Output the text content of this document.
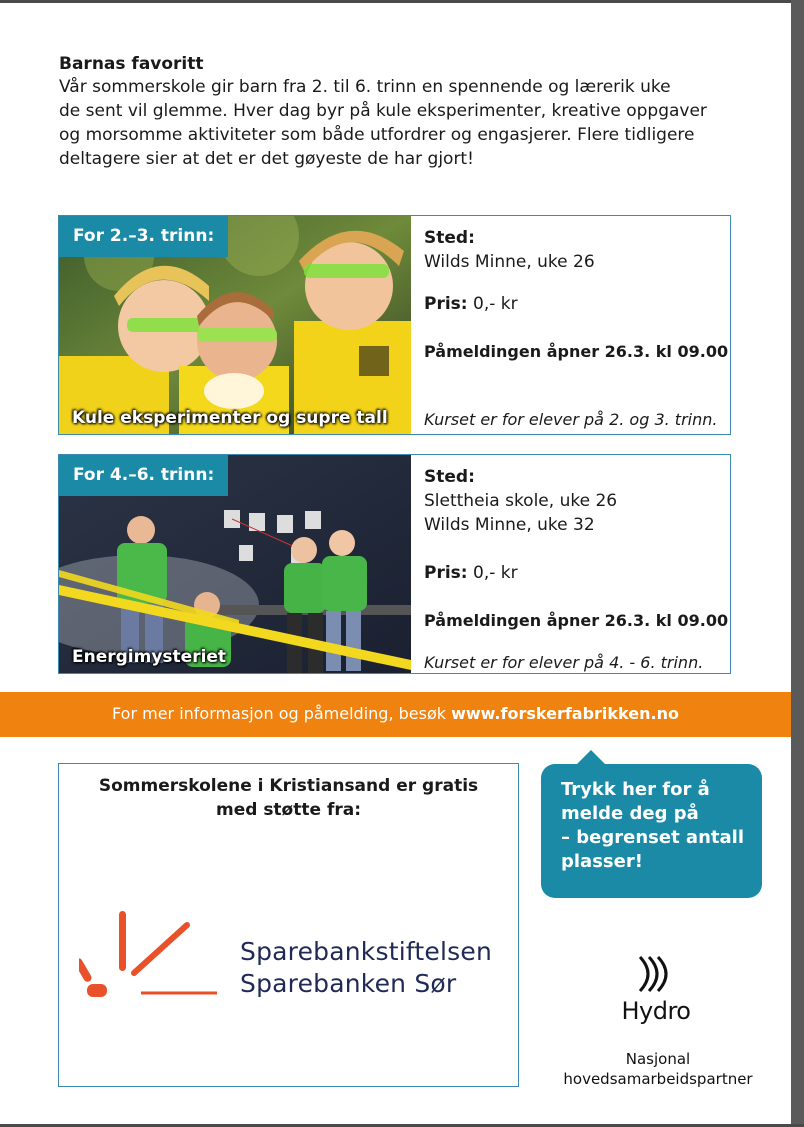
Barnas favoritt

Vår sommerskole gir barn fra 2. til 6. trinn en spennende og lærerik uke
de sent vil glemme. Hver dag byr på kule eksperimenter, kreative oppgaver
og morsomme aktiviteter som både utfordrer og engasjerer. Flere tidligere
deltagere sier at det er det gøyeste de har gjort!

For 2.–3. trinn:
Kule eksperimenter og supre tall
Sted:
Wilds Minne, uke 26
Pris: 0,- kr
Påmeldingen åpner 26.3. kl 09.00
Kurset er for elever på 2. og 3. trinn.
For 4.–6. trinn:
Energimysteriet
Sted:
Slettheia skole, uke 26
Wilds Minne, uke 32
Pris: 0,- kr
Påmeldingen åpner 26.3. kl 09.00
Kurset er for elever på 4. - 6. trinn.
For mer informasjon og påmelding, besøk www.forskerfabrikken.no
Sommerskolene i Kristiansand er gratis
med støtte fra:
Sparebankstiftelsen
Sparebanken Sør
Trykk her for å
melde deg på
– begrenset antall
plasser!
Hydro
Nasjonal
hovedsamarbeidspartner
